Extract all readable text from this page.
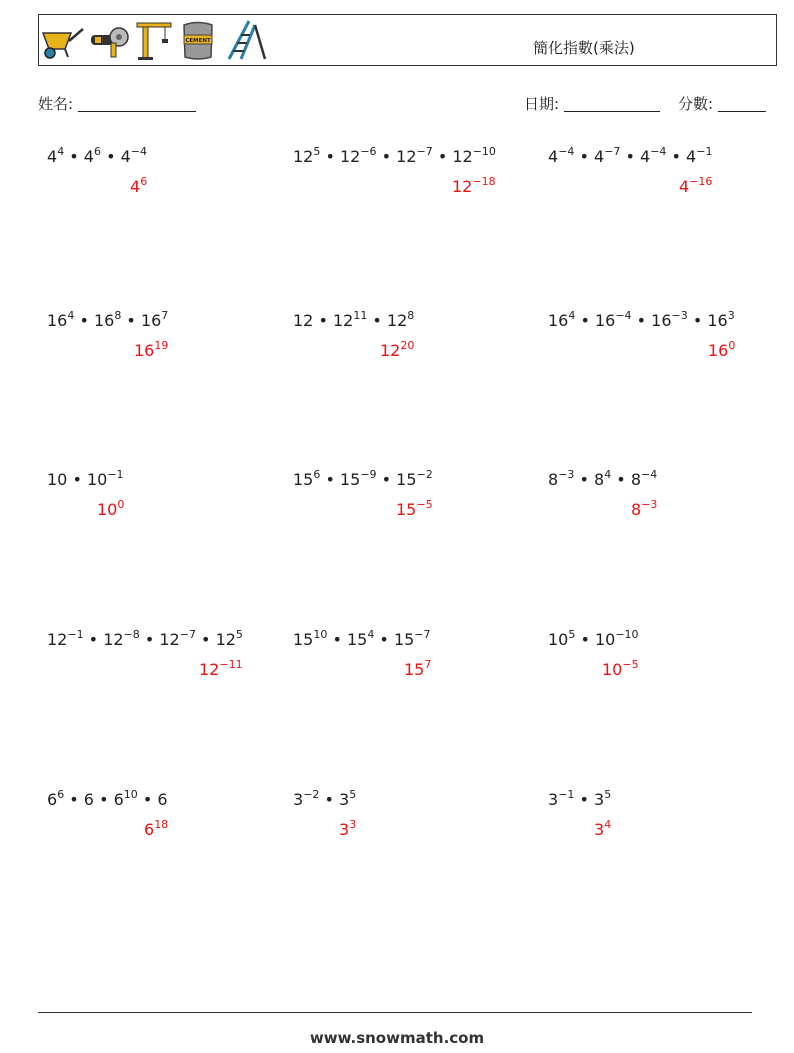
CEMENT	簡化指數(乘法)
姓名:	日期:	分數:
$4^4$ • $4^6$ • $4^{-4}$
$4^6$
$12^5$ • $12^{-6}$ • $12^{-7}$ • $12^{-10}$
$12^{-18}$
$4^{-4}$ • $4^{-7}$ • $4^{-4}$ • $4^{-1}$
$4^{-16}$
$16^4$ • $16^8$ • $16^7$
$16^{19}$
12 • $12^{11}$ • $12^8$
$12^{20}$
$16^4$ • $16^{-4}$ • $16^{-3}$ • $16^3$
$16^0$
10 • $10^{-1}$
$10^0$
$15^6$ • $15^{-9}$ • $15^{-2}$
$15^{-5}$
$8^{-3}$ • $8^4$ • $8^{-4}$
$8^{-3}$
$12^{-1}$ • $12^{-8}$ • $12^{-7}$ • $12^5$
$12^{-11}$
$15^{10}$ • $15^4$ • $15^{-7}$
$15^7$
$10^5$ • $10^{-10}$
$10^{-5}$
$6^6$ • 6 • $6^{10}$ • 6
$6^{18}$
$3^{-2}$ • $3^5$
$3^3$
$3^{-1}$ • $3^5$
$3^4$
www.snowmath.com
